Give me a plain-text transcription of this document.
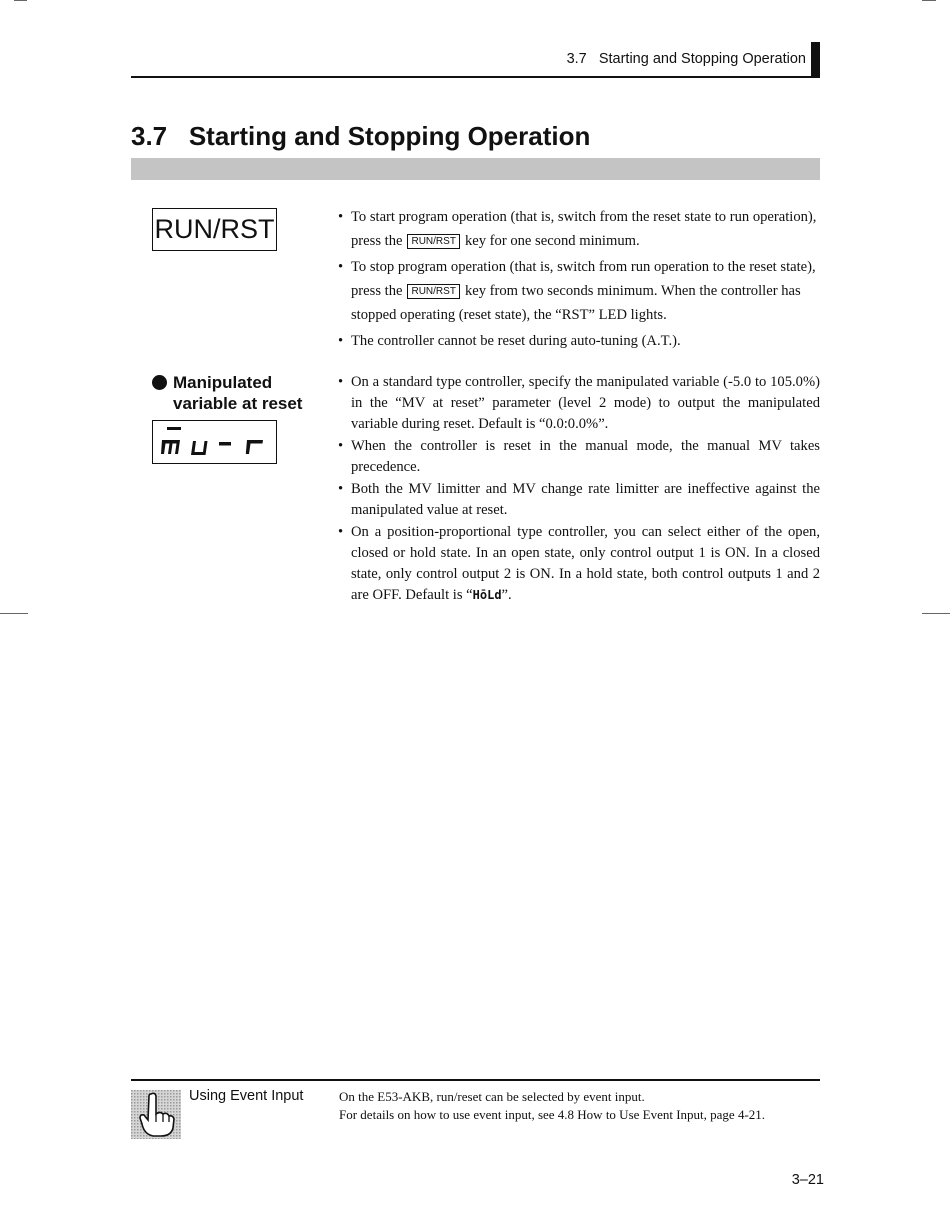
3.7   Starting and Stopping Operation
3.7   Starting and Stopping Operation
RUN/RST
•	To start program operation (that is, switch from the reset state to run operation), press the RUN/RST key for one second minimum.
• To stop program operation (that is, switch from run operation to the reset state), press the RUN/RST key from two seconds minimum. When the controller has stopped operating (reset state), the “RST” LED lights.
• The controller cannot be reset during auto-tuning (A.T.).
Manipulated variable at reset
• On a standard type controller, specify the manipulated variable (-5.0 to 105.0%) in the “MV at reset” parameter (level 2 mode) to output the manipulated variable during reset. Default is “0.0:0.0%”.
• When the controller is reset in the manual mode, the manual MV takes precedence.
• Both the MV limitter and MV change rate limitter are ineffective against the manipulated value at reset.
• On a position-proportional type controller, you can select either of the open, closed or hold state. In an open state, only control output 1 is ON. In a closed state, only control output 2 is ON. In a hold state, both control outputs 1 and 2 are OFF. Default is “HōLd”.
Using Event Input	On the E53-AKB, run/reset can be selected by event input.
For details on how to use event input, see 4.8 How to Use Event Input, page 4-21.
3–21
